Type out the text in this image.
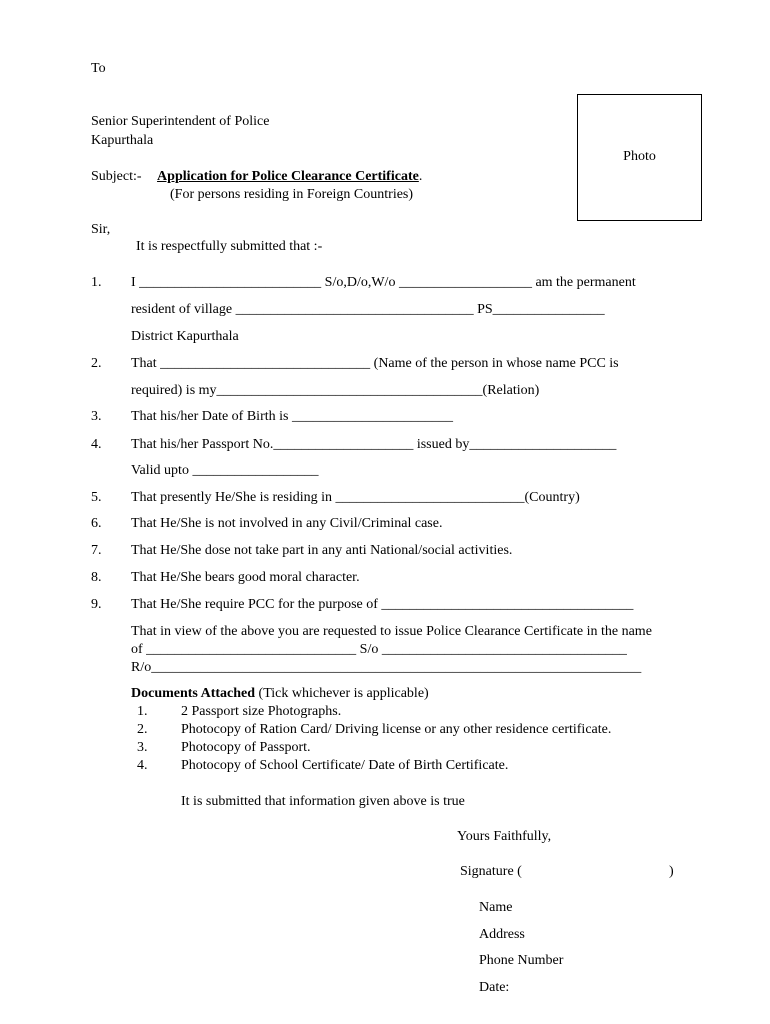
To
Senior Superintendent of Police
Kapurthala
Photo
Subject:- Application for Police Clearance Certificate.
(For persons residing in Foreign Countries)
Sir,
It is respectfully submitted that :-
1. I __________________________ S/o,D/o,W/o ___________________ am the permanent
resident of village __________________________________ PS________________
District Kapurthala
2. That ______________________________ (Name of the person in whose name PCC is
required) is my______________________________________(Relation)
3. That his/her Date of Birth is _______________________
4. That his/her Passport No.____________________ issued by_____________________
Valid upto __________________
5. That presently He/She is residing in ___________________________(Country)
6. That He/She is not involved in any Civil/Criminal case.
7. That He/She dose not take part in any anti National/social activities.
8. That He/She bears good moral character.
9. That He/She require PCC for the purpose of ____________________________________
That in view of the above you are requested to issue Police Clearance Certificate in the name
of ______________________________ S/o ___________________________________
R/o______________________________________________________________________
Documents Attached (Tick whichever is applicable)
1. 2 Passport size Photographs.
2. Photocopy of Ration Card/ Driving license or any other residence certificate.
3. Photocopy of Passport.
4. Photocopy of School Certificate/ Date of Birth Certificate.
It is submitted that information given above is true
Yours Faithfully,
Signature (	)
Name
Address
Phone Number
Date:
